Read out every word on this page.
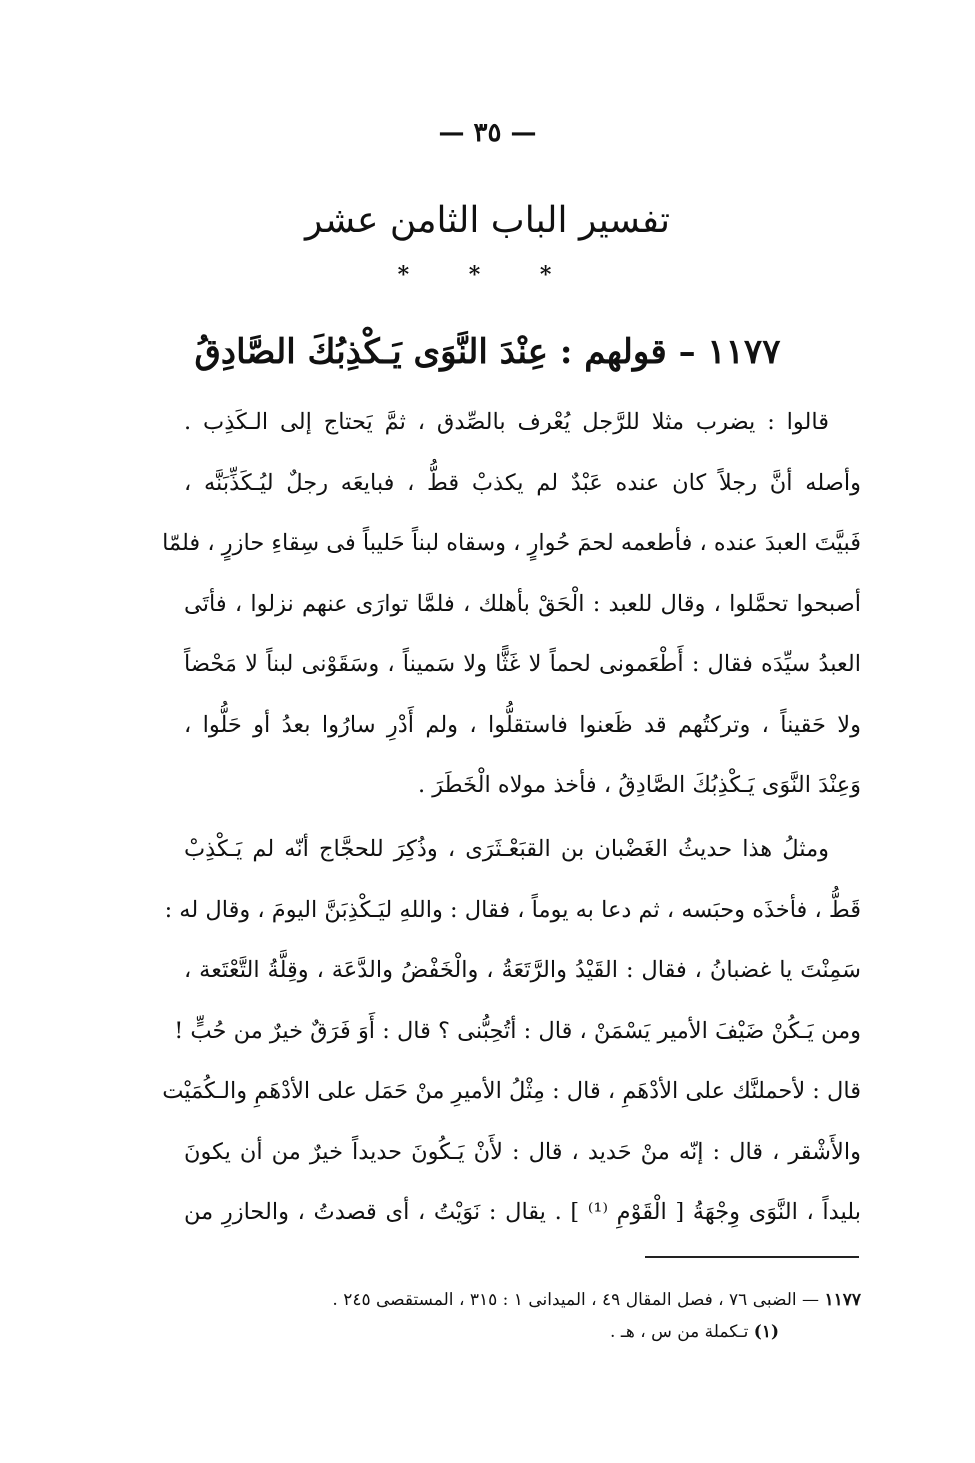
— ٣٥ —
تفسير الباب الثامن عشر
* * *
١١٧٧ – قولهم : عِنْدَ النَّوَى يَـكْذِبُكَ الصَّادِقُ
قالوا : يضرب مثلا للرَّجل يُعْرف بالصِّدق ، ثمَّ يَحتاج إلى الـكَذِب .
وأصله أنَّ رجلاً كان عنده عَبْدٌ لم يكذبْ قطُّ ، فبايعَه رجلٌ ليُـكَذِّبَنَّه ،
فَبيَّتَ العبدَ عنده ، فأطعمه لحمَ حُوارٍ ، وسقاه لبناً حَليباً فى سِقاءِ حازرٍ ، فلمّا
أصبحوا تحمَّلوا ، وقال للعبد : الْحَقْ بأهلك ، فلمَّا توارَى عنهم نزلوا ، فأتَى
العبدُ سيِّدَه فقال : أَطْعَمونى لحماً لا غَثًّا ولا سَميناً ، وسَقَوْنى لبناً لا مَحْضاً
ولا حَقيناً ، وتركتُهم قد ظَعنوا فاستقلُّوا ، ولم أَدْرِ سارُوا بعدُ أو حَلُّوا ،
وَعِنْدَ النَّوَى يَـكْذِبُكَ الصَّادِقُ ، فأخذ مولاه الْخَطَرَ .
ومثلُ هذا حديثُ الغَضْبان بن القبَعْـثَرَى ، وذُكِرَ للحجَّاج أنّه لم يَـكْذِبْ
قَطُّ ، فأخذَه وحبَسه ، ثم دعا به يوماً ، فقال : واللهِ ليَـكْذِبَنَّ اليومَ ، وقال له :
سَمِنْتَ يا غضبانُ ، فقال : القَيْدُ والرَّتَعَةُ ، والْخَفْضُ والدَّعَة ، وقِلَّةُ التَّعْتَعة ،
ومن يَـكُنْ ضَيْفَ الأمير يَسْمَنْ ، قال : أتُحِبُّنى ؟ قال : أَوَ فَرَقٌ خيرٌ من حُبٍّ !
قال : لأحملنَّك على الأدْهَمِ ، قال : مِثْلُ الأميرِ منْ حَمَل على الأدْهَمِ والـكُمَيْت
والأَشْقر ، قال : إنّه منْ حَديد ، قال : لأَنْ يَـكُونَ حديداً خيرٌ من أن يكونَ
بليداً ، النَّوَى وِجْهَةُ [ الْقَوْمِ ⁽¹⁾ ] . يقال : نَوَيْتُ ، أى قصدتُ ، والحازرِ من
١١٧٧ — الضبى ٧٦ ، فصل المقال ٤٩ ، الميدانى ١ : ٣١٥ ، المستقصى ٢٤٥ .
(١) تـكملة من س ، هـ .
